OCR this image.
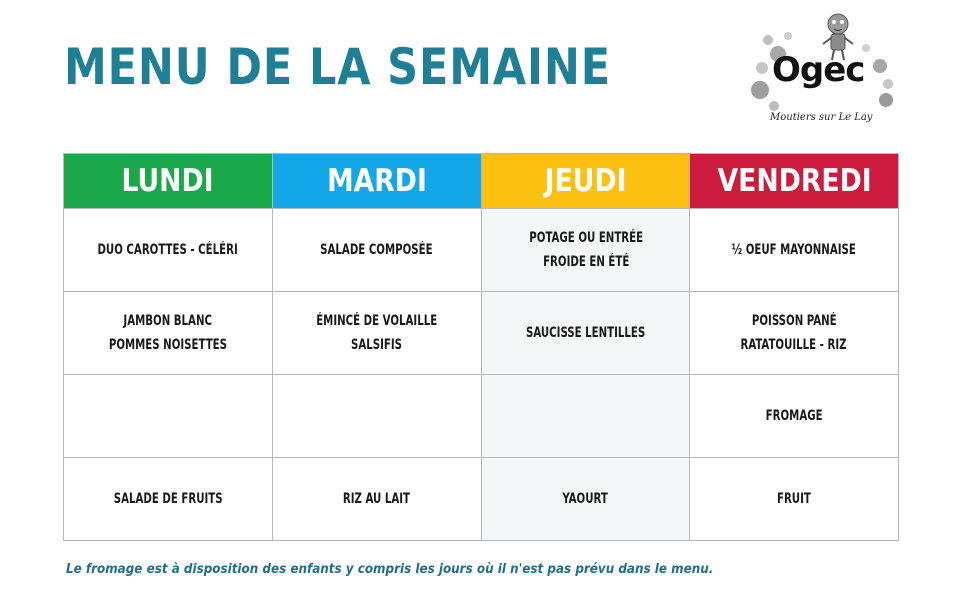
MENU DE LA SEMAINE	Ogec
Moutiers sur Le Lay
LUNDI	MARDI	JEUDI	VENDREDI
DUO CAROTTES - CÉLÉRI	SALADE COMPOSÉE	POTAGE OU ENTRÉEFROIDE EN ÉTÉ	½ OEUF MAYONNAISE
JAMBON BLANCPOMMES NOISETTES	ÉMINCÉ DE VOLAILLESALSIFIS	SAUCISSE LENTILLES	POISSON PANÉRATATOUILLE - RIZ
			FROMAGE
SALADE DE FRUITS	RIZ AU LAIT	YAOURT	FRUIT
Le fromage est à disposition des enfants y compris les jours où il n'est pas prévu dans le menu.
